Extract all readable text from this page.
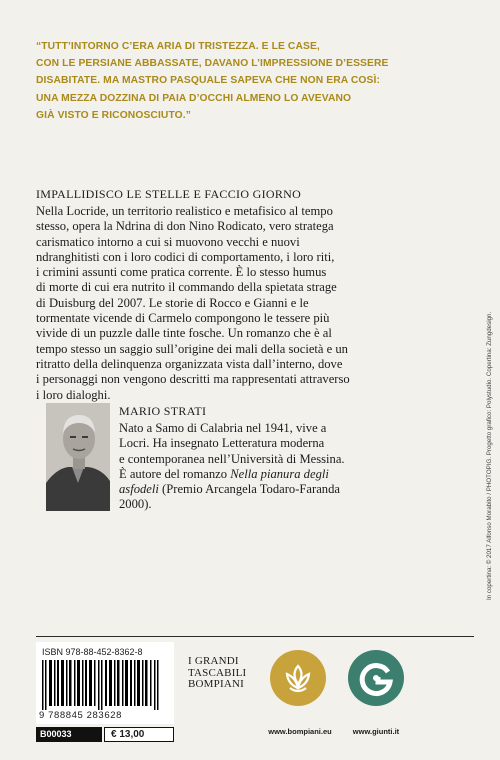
“TUTT’INTORNO C’ERA ARIA DI TRISTEZZA. E LE CASE,
CON LE PERSIANE ABBASSATE, DAVANO L’IMPRESSIONE D’ESSERE
DISABITATE. MA MASTRO PASQUALE SAPEVA CHE NON ERA COSÌ:
UNA MEZZA DOZZINA DI PAIA D’OCCHI ALMENO LO AVEVANO
GIÀ VISTO E RICONOSCIUTO.”
IMPALLIDISCO LE STELLE E FACCIO GIORNO
Nella Locride, un territorio realistico e metafisico al tempo
stesso, opera la Ndrina di don Nino Rodicato, vero stratega
carismatico intorno a cui si muovono vecchi e nuovi
ndranghitisti con i loro codici di comportamento, i loro riti,
i crimini assunti come pratica corrente. È lo stesso humus
di morte di cui era nutrito il commando della spietata strage
di Duisburg del 2007. Le storie di Rocco e Gianni e le
tormentate vicende di Carmelo compongono le tessere più
vivide di un puzzle dalle tinte fosche. Un romanzo che è al
tempo stesso un saggio sull’origine dei mali della società e un
ritratto della delinquenza organizzata vista dall’interno, dove
i personaggi non vengono descritti ma rappresentati attraverso
i loro dialoghi.
MARIO STRATI
Nato a Samo di Calabria nel 1941, vive a
Locri. Ha insegnato Letteratura moderna
e contemporanea nell’Università di Messina.
È autore del romanzo Nella pianura degli
asfodeli (Premio Arcangela Todaro-Faranda
2000).	In copertina: © 2017 Alfonso Morabito / PHOTOPIG. Progetto grafico: Polystudio. Copertina: Zungdesign.
ISBN 978-88-452-8362-8
9 788845 283628
B00033	€ 13,00
I GRANDI
TASCABILI
BOMPIANI
www.bompiani.eu	www.giunti.it
